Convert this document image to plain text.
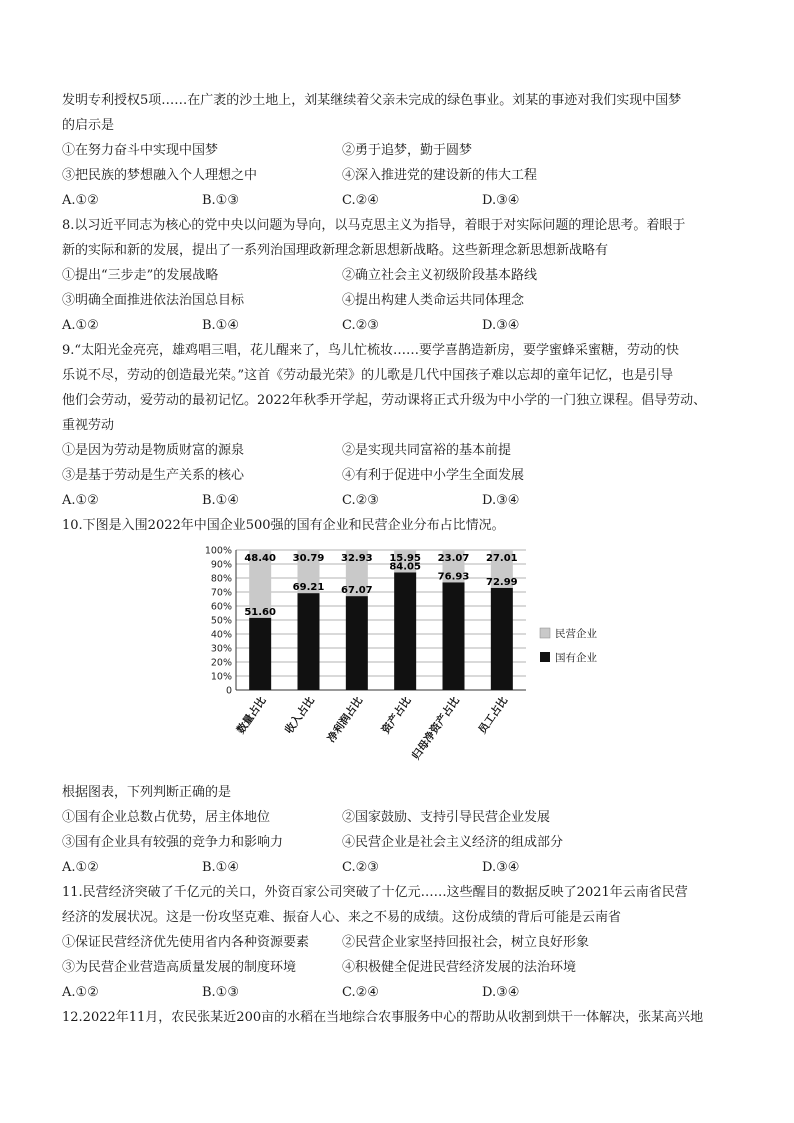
发明专利授权5项……在广袤的沙土地上，刘某继续着父亲未完成的绿色事业。刘某的事迹对我们实现中国梦

的启示是

①在努力奋斗中实现中国梦	②勇于追梦，勤于圆梦
③把民族的梦想融入个人理想之中	④深入推进党的建设新的伟大工程
A.①②	B.①③	C.②④	D.③④

8.以习近平同志为核心的党中央以问题为导向，以马克思主义为指导，着眼于对实际问题的理论思考。着眼于

新的实际和新的发展，提出了一系列治国理政新理念新思想新战略。这些新理念新思想新战略有

①提出“三步走”的发展战略	②确立社会主义初级阶段基本路线
③明确全面推进依法治国总目标	④提出构建人类命运共同体理念
A.①②	B.①④	C.②③	D.③④

9.“太阳光金亮亮，雄鸡唱三唱，花儿醒来了，鸟儿忙梳妆……要学喜鹊造新房，要学蜜蜂采蜜糖，劳动的快

乐说不尽，劳动的创造最光荣。”这首《劳动最光荣》的儿歌是几代中国孩子难以忘却的童年记忆，也是引导

他们会劳动，爱劳动的最初记忆。2022年秋季开学起，劳动课将正式升级为中小学的一门独立课程。倡导劳动、

重视劳动

①是因为劳动是物质财富的源泉	②是实现共同富裕的基本前提
③是基于劳动是生产关系的核心	④有利于促进中小学生全面发展
A.①②	B.①④	C.②③	D.③④

10.下图是入围2022年中国企业500强的国有企业和民营企业分布占比情况。

0
10%
20%
30%
40%
50%
60%
70%
80%
90%
100%
48.40
51.60
数量占比
30.79
69.21
收入占比
32.93
67.07
净利润占比
15.95
84.05
资产占比
23.07
76.93
归母净资产占比
27.01
72.99
员工占比
民营企业
国有企业

根据图表，下列判断正确的是

①国有企业总数占优势，居主体地位	②国家鼓励、支持引导民营企业发展
③国有企业具有较强的竞争力和影响力	④民营企业是社会主义经济的组成部分
A.①②	B.①④	C.②③	D.③④

11.民营经济突破了千亿元的关口，外资百家公司突破了十亿元……这些醒目的数据反映了2021年云南省民营

经济的发展状况。这是一份攻坚克难、振奋人心、来之不易的成绩。这份成绩的背后可能是云南省

①保证民营经济优先使用省内各种资源要素	②民营企业家坚持回报社会，树立良好形象
③为民营企业营造高质量发展的制度环境	④积极健全促进民营经济发展的法治环境
A.①②	B.①③	C.②④	D.③④

12.2022年11月，农民张某近200亩的水稻在当地综合农事服务中心的帮助从收割到烘干一体解决，张某高兴地
